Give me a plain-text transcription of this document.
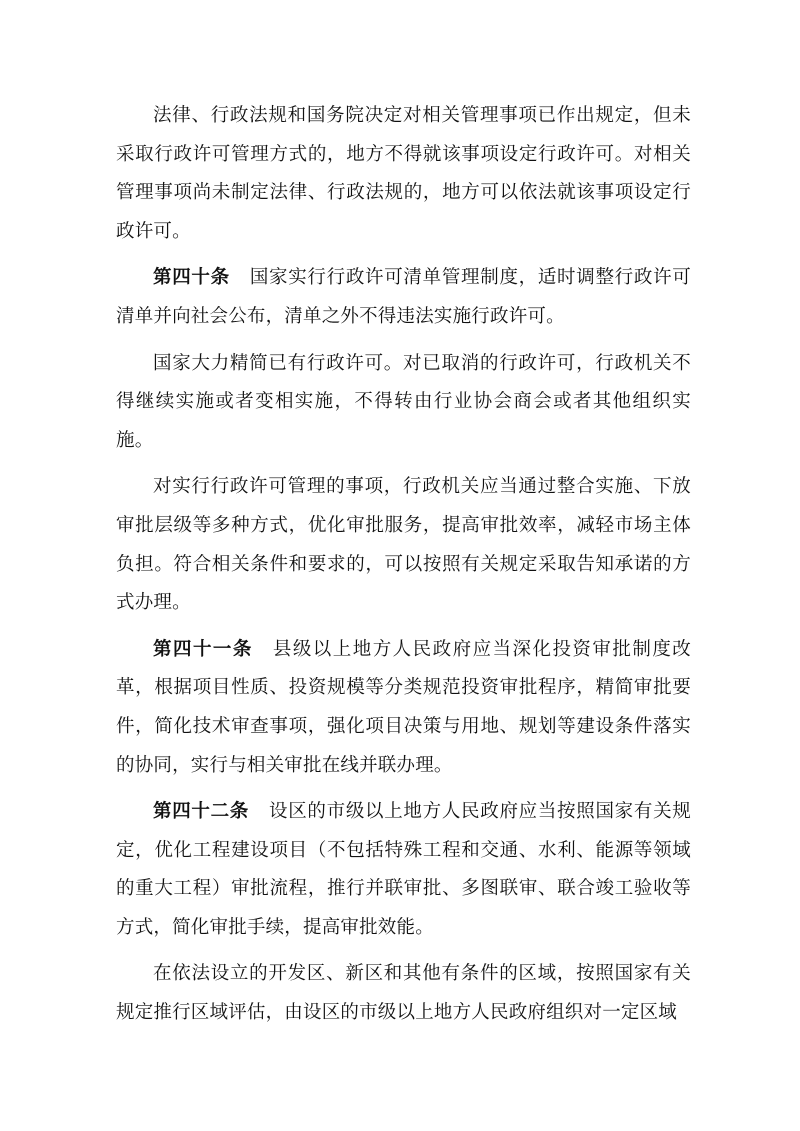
法律、行政法规和国务院决定对相关管理事项已作出规定，但未采取行政许可管理方式的，地方不得就该事项设定行政许可。对相关管理事项尚未制定法律、行政法规的，地方可以依法就该事项设定行政许可。

第四十条 国家实行行政许可清单管理制度，适时调整行政许可清单并向社会公布，清单之外不得违法实施行政许可。

国家大力精简已有行政许可。对已取消的行政许可，行政机关不得继续实施或者变相实施，不得转由行业协会商会或者其他组织实施。

对实行行政许可管理的事项，行政机关应当通过整合实施、下放审批层级等多种方式，优化审批服务，提高审批效率，减轻市场主体负担。符合相关条件和要求的，可以按照有关规定采取告知承诺的方式办理。

第四十一条 县级以上地方人民政府应当深化投资审批制度改革，根据项目性质、投资规模等分类规范投资审批程序，精简审批要件，简化技术审查事项，强化项目决策与用地、规划等建设条件落实的协同，实行与相关审批在线并联办理。

第四十二条 设区的市级以上地方人民政府应当按照国家有关规定，优化工程建设项目（不包括特殊工程和交通、水利、能源等领域的重大工程）审批流程，推行并联审批、多图联审、联合竣工验收等方式，简化审批手续，提高审批效能。

在依法设立的开发区、新区和其他有条件的区域，按照国家有关规定推行区域评估，由设区的市级以上地方人民政府组织对一定区域
